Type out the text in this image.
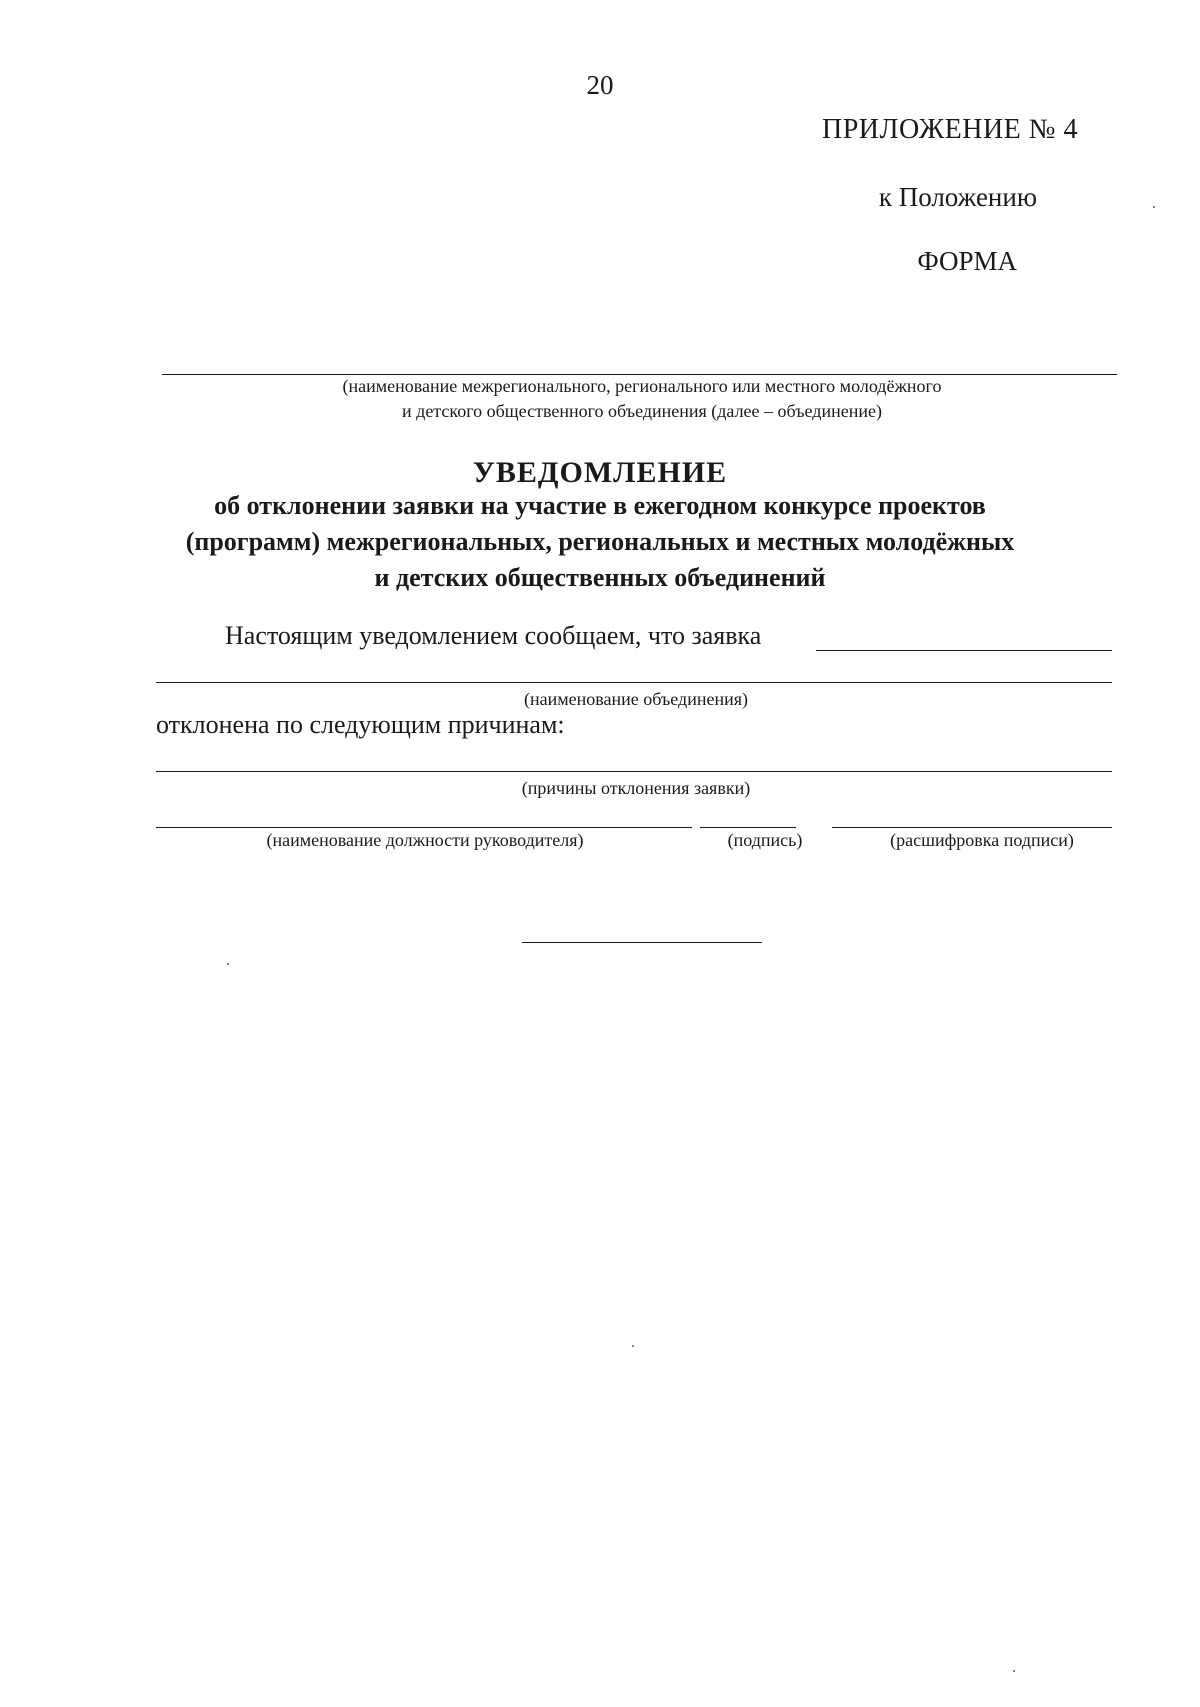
20
ПРИЛОЖЕНИЕ № 4
к Положению
ФОРМА
(наименование межрегионального, регионального или местного молодёжного
и детского общественного объединения (далее – объединение)
УВЕДОМЛЕНИЕ
об отклонении заявки на участие в ежегодном конкурсе проектов
(программ) межрегиональных, региональных и местных молодёжных
и детских общественных объединений
Настоящим уведомлением сообщаем, что заявка
(наименование объединения)
отклонена по следующим причинам:
(причины отклонения заявки)
(наименование должности руководителя)	(подпись)	(расшифровка подписи)
